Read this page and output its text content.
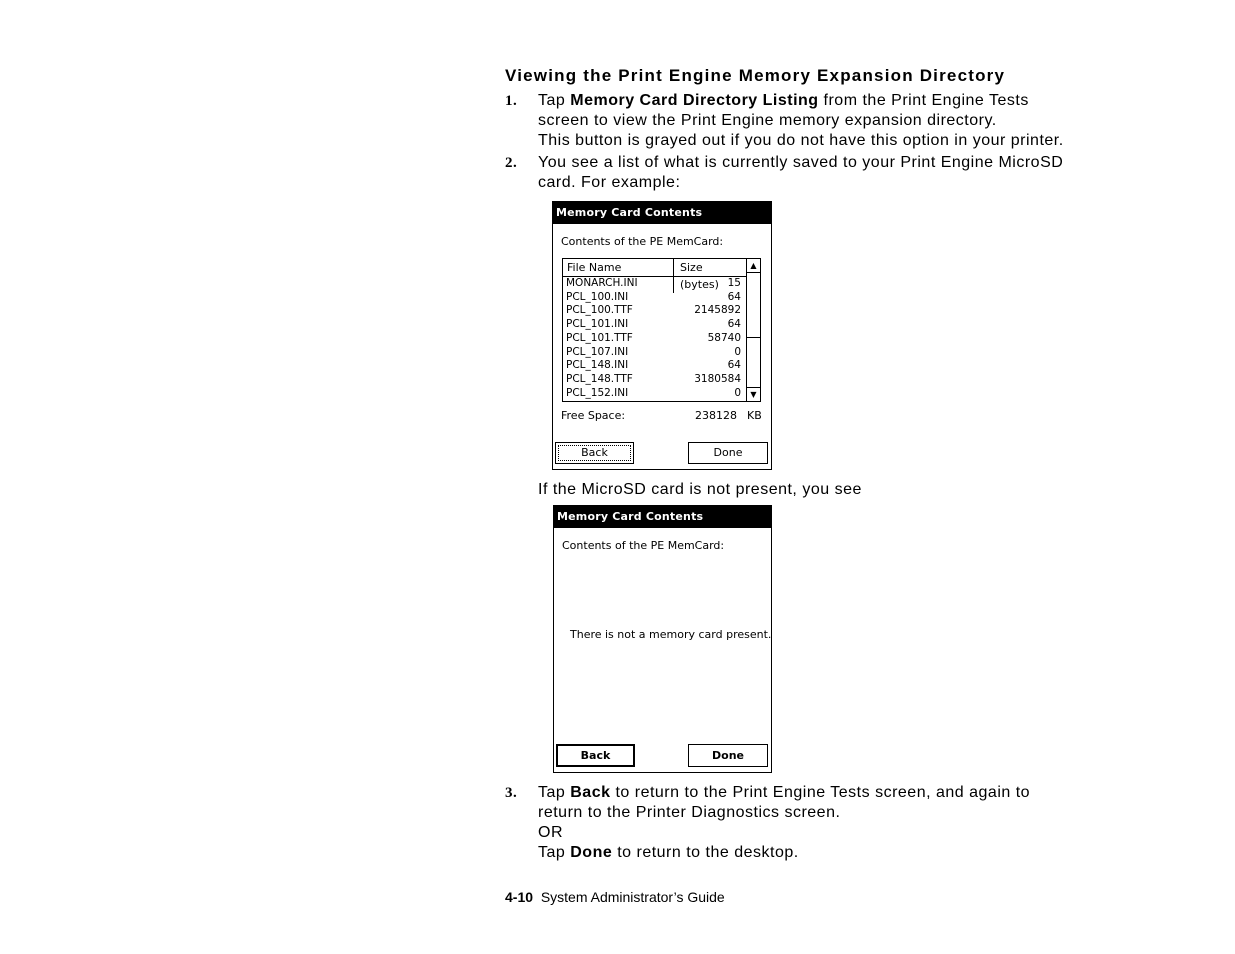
Viewing the Print Engine Memory Expansion Directory
1. Tap Memory Card Directory Listing from the Print Engine Tests
screen to view the Print Engine memory expansion directory.
This button is grayed out if you do not have this option in your printer.
2. You see a list of what is currently saved to your Print Engine MicroSD
card. For example:
Memory Card Contents
Contents of the PE MemCard:
File Name	Size (bytes)
MONARCH.INI	15
PCL_100.INI	64
PCL_100.TTF	2145892
PCL_101.INI	64
PCL_101.TTF	58740
PCL_107.INI	0
PCL_148.INI	64
PCL_148.TTF	3180584
PCL_152.INI	0
▲
▼
Free Space:	238128 KB
Back	Done
If the MicroSD card is not present, you see
Memory Card Contents
Contents of the PE MemCard:
There is not a memory card present.
Back	Done
3. Tap Back to return to the Print Engine Tests screen, and again to
return to the Printer Diagnostics screen.
OR
Tap Done to return to the desktop.
4-10 System Administrator’s Guide
